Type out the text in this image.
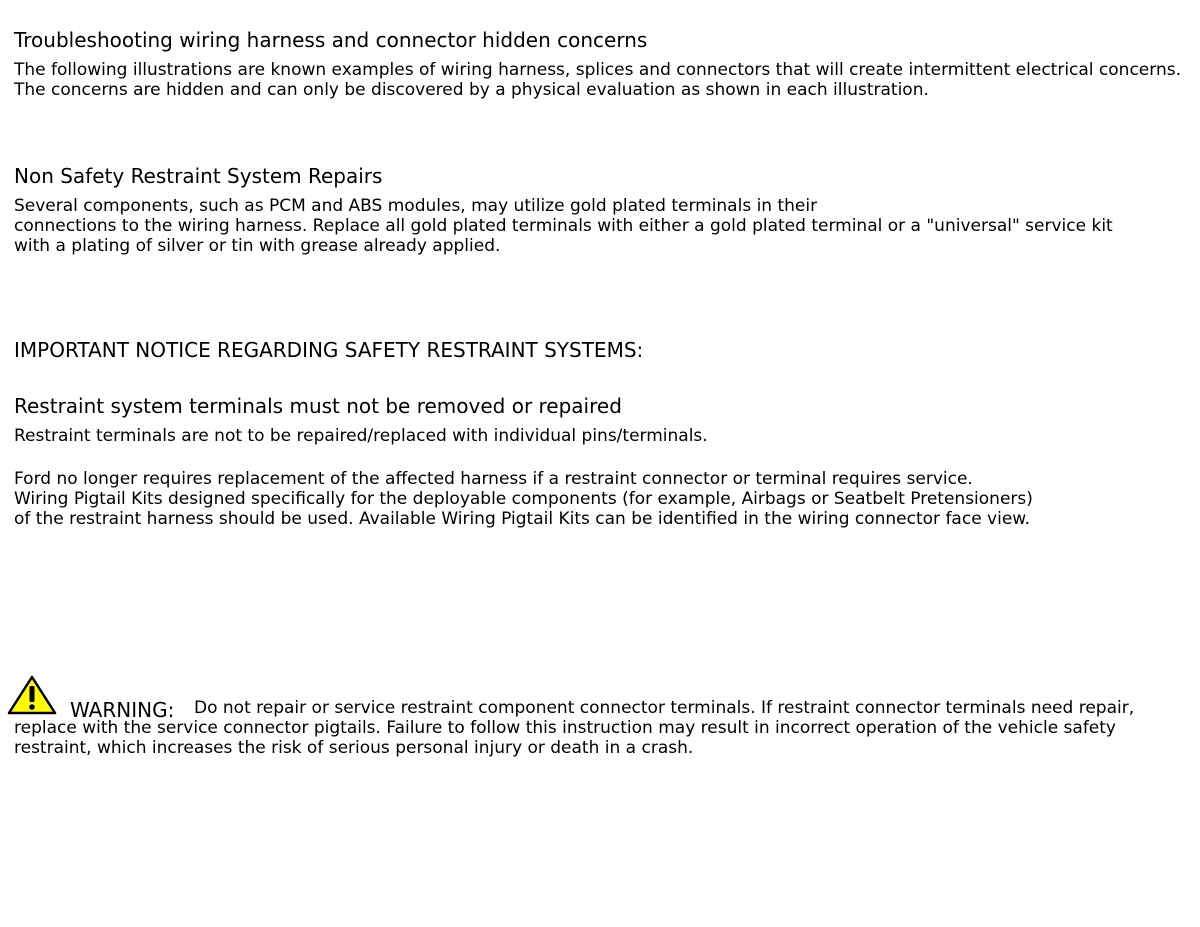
Troubleshooting wiring harness and connector hidden concerns

The following illustrations are known examples of wiring harness, splices and connectors that will create intermittent electrical concerns.
The concerns are hidden and can only be discovered by a physical evaluation as shown in each illustration.

Non Safety Restraint System Repairs

Several components, such as PCM and ABS modules, may utilize gold plated terminals in their
connections to the wiring harness. Replace all gold plated terminals with either a gold plated terminal or a "universal" service kit
with a plating of silver or tin with grease already applied.

IMPORTANT NOTICE REGARDING SAFETY RESTRAINT SYSTEMS:
Restraint system terminals must not be removed or repaired

Restraint terminals are not to be repaired/replaced with individual pins/terminals.

Ford no longer requires replacement of the affected harness if a restraint connector or terminal requires service.
Wiring Pigtail Kits designed specifically for the deployable components (for example, Airbags or Seatbelt Pretensioners)
of the restraint harness should be used. Available Wiring Pigtail Kits can be identified in the wiring connector face view.

WARNING:	Do not repair or service restraint component connector terminals. If restraint connector terminals need repair,
replace with the service connector pigtails. Failure to follow this instruction may result in incorrect operation of the vehicle safety
restraint, which increases the risk of serious personal injury or death in a crash.
